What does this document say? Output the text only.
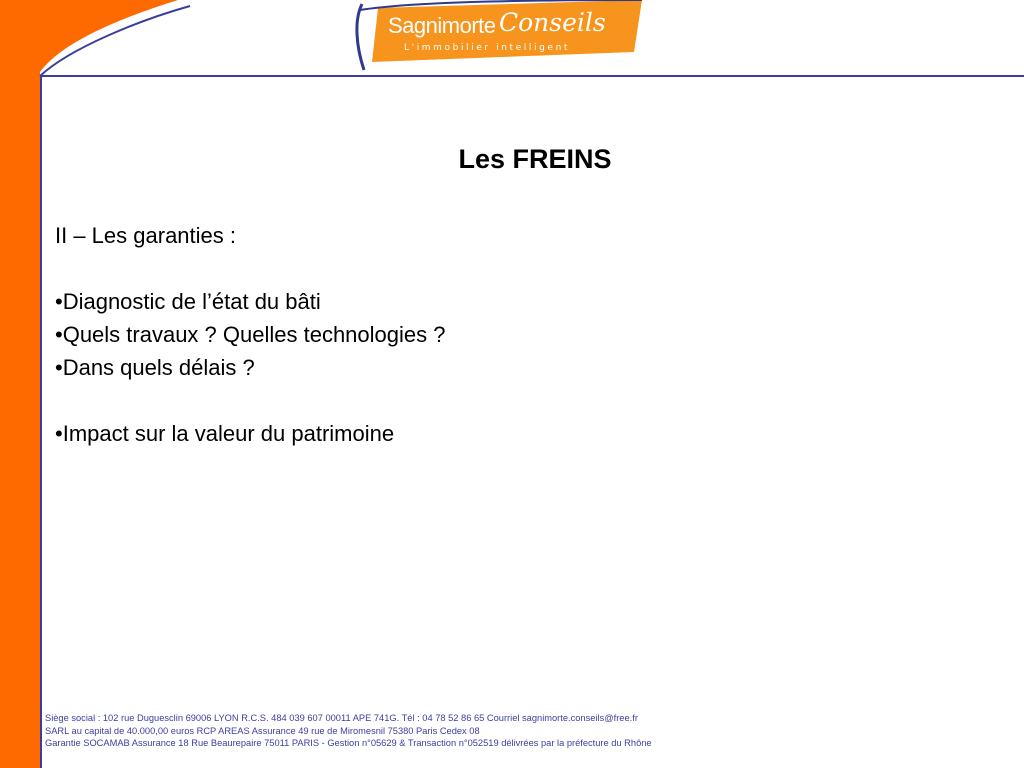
Sagnimorte Conseils
L'immobilier intelligent
Les FREINS
II – Les garanties :
•Diagnostic de l’état du bâti
•Quels travaux ? Quelles technologies ?
•Dans quels délais ?
•Impact sur la valeur du patrimoine
Siège social : 102 rue Duguesclin 69006 LYON R.C.S. 484 039 607 00011 APE 741G. Tél : 04 78 52 86 65 Courriel sagnimorte.conseils@free.fr
SARL au capital de 40.000,00 euros RCP AREAS Assurance 49 rue de Miromesnil 75380 Paris Cedex 08
Garantie SOCAMAB Assurance 18 Rue Beaurepaire 75011 PARIS - Gestion n°05629 & Transaction n°052519 délivrées par la préfecture du Rhône
